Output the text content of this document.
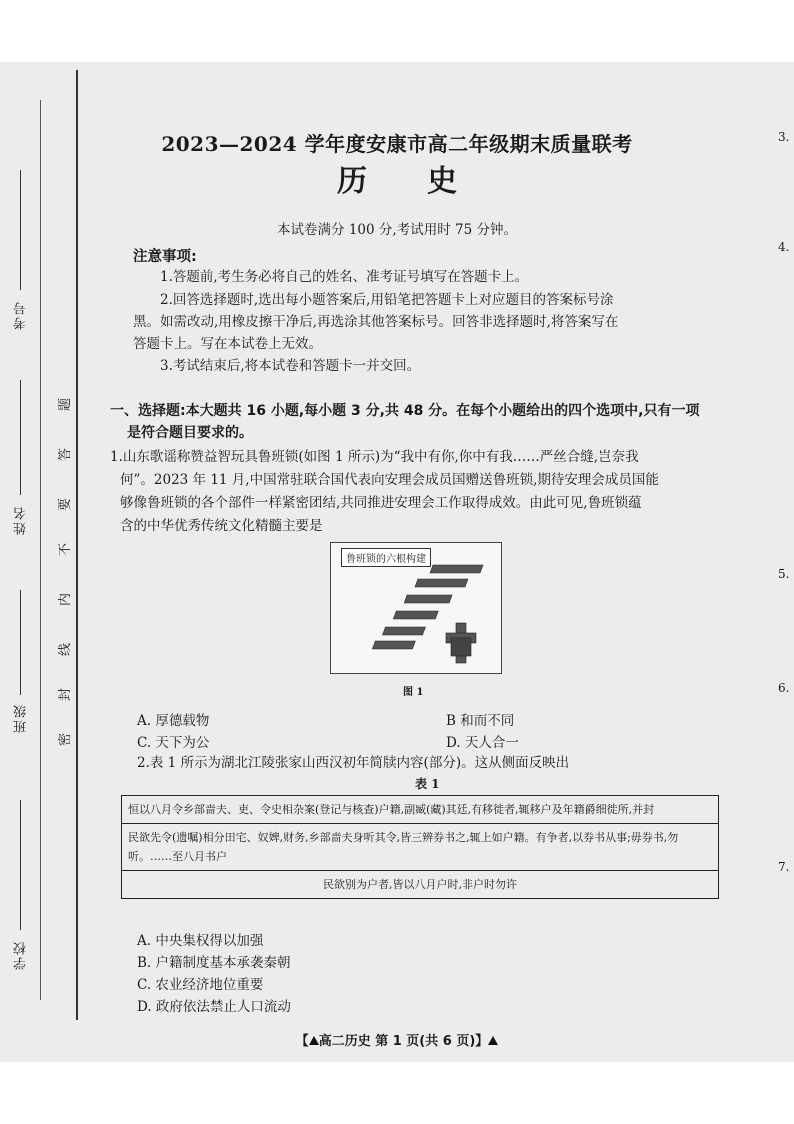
考号
姓名
班级
学校
题
答
要
不
内
线
封
密
3.
4.
5.
6.
7.
2023—2024 学年度安康市高二年级期末质量联考
历史
本试卷满分 100 分,考试用时 75 分钟。
注意事项:
1.答题前,考生务必将自己的姓名、准考证号填写在答题卡上。
2.回答选择题时,选出每小题答案后,用铅笔把答题卡上对应题目的答案标号涂
黑。如需改动,用橡皮擦干净后,再选涂其他答案标号。回答非选择题时,将答案写在
答题卡上。写在本试卷上无效。
3.考试结束后,将本试卷和答题卡一并交回。
一、选择题:本大题共 16 小题,每小题 3 分,共 48 分。在每个小题给出的四个选项中,只有一项
是符合题目要求的。
1.山东歌谣称赞益智玩具鲁班锁(如图 1 所示)为“我中有你,你中有我……严丝合缝,岂奈我
何”。2023 年 11 月,中国常驻联合国代表向安理会成员国赠送鲁班锁,期待安理会成员国能
够像鲁班锁的各个部件一样紧密团结,共同推进安理会工作取得成效。由此可见,鲁班锁蕴
含的中华优秀传统文化精髓主要是
鲁班锁的六根构建
图 1
A. 厚德载物	B 和而不同
C. 天下为公	D. 天人合一
2.表 1 所示为湖北江陵张家山西汉初年简牍内容(部分)。这从侧面反映出
表 1
恒以八月令乡部啬夫、吏、令史相杂案(登记与核查)户籍,副臧(藏)其廷,有移徙者,辄移户及年籍爵细徙所,并封
民欲先令(遗嘱)相分田宅、奴婢,财务,乡部啬夫身听其令,皆三辨券书之,辄上如户籍。有争者,以券书从事;毋券书,勿听。……至八月书户
民欲别为户者,皆以八月户时,非户时勿许
A. 中央集权得以加强
B. 户籍制度基本承袭秦朝
C. 农业经济地位重要
D. 政府依法禁止人口流动
【 高二历史 第 1 页(共 6 页)】
